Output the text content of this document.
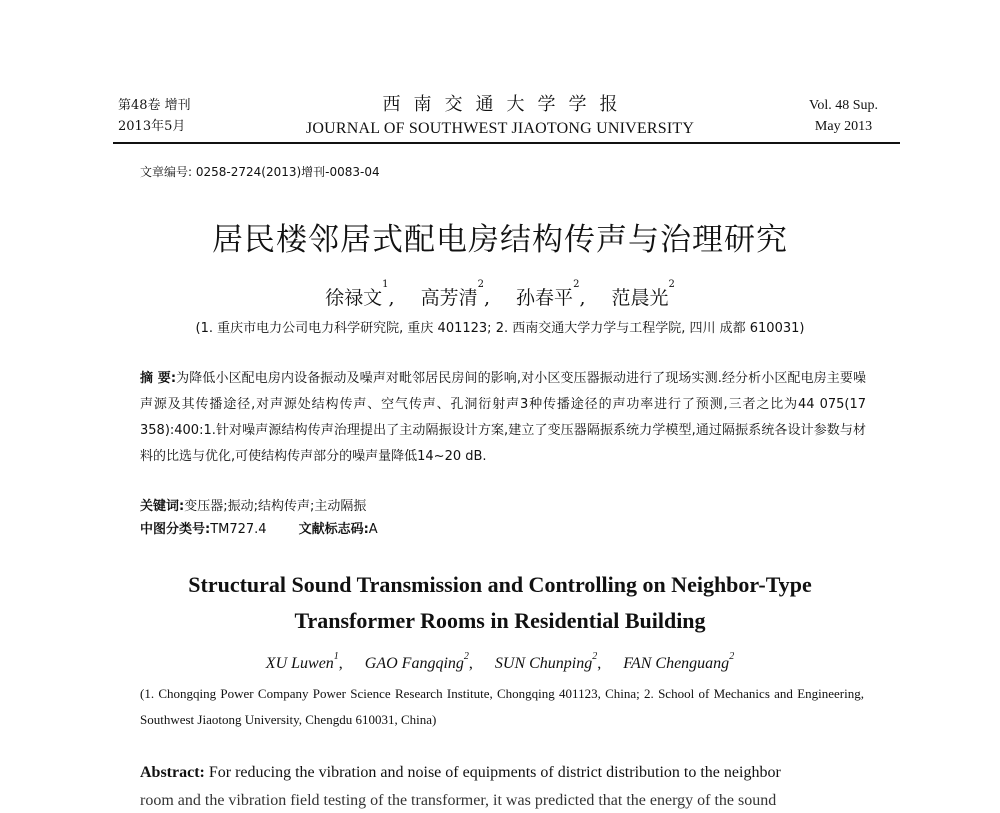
第48卷 增刊
2013年5月
西南交通大学学报
JOURNAL OF SOUTHWEST JIAOTONG UNIVERSITY
Vol. 48 Sup.
May 2013
文章编号: 0258-2724(2013)增刊-0083-04
居民楼邻居式配电房结构传声与治理研究
徐禄文$^1$, 高芳清$^2$, 孙春平$^2$, 范晨光$^2$
(1. 重庆市电力公司电力科学研究院, 重庆 401123; 2. 西南交通大学力学与工程学院, 四川 成都 610031)
摘 要:为降低小区配电房内设备振动及噪声对毗邻居民房间的影响,对小区变压器振动进行了现场实测.经分析小区配电房主要噪声源及其传播途径,对声源处结构传声、空气传声、孔洞衍射声3种传播途径的声功率进行了预测,三者之比为44 075(17 358):400:1.针对噪声源结构传声治理提出了主动隔振设计方案,建立了变压器隔振系统力学模型,通过隔振系统各设计参数与材料的比选与优化,可使结构传声部分的噪声量降低14~20 dB.
关键词:变压器;振动;结构传声;主动隔振
中图分类号:TM727.4 文献标志码:A
Structural Sound Transmission and Controlling on Neighbor-Type
Transformer Rooms in Residential Building
XU Luwen$^1$, GAO Fangqing$^2$, SUN Chunping$^2$, FAN Chenguang$^2$
(1. Chongqing Power Company Power Science Research Institute, Chongqing 401123, China; 2. School of Mechanics and Engineering, Southwest Jiaotong University, Chengdu 610031, China)
Abstract: For reducing the vibration and noise of equipments of district distribution to the neighbor
room and the vibration field testing of the transformer, it was predicted that the energy of the sound
